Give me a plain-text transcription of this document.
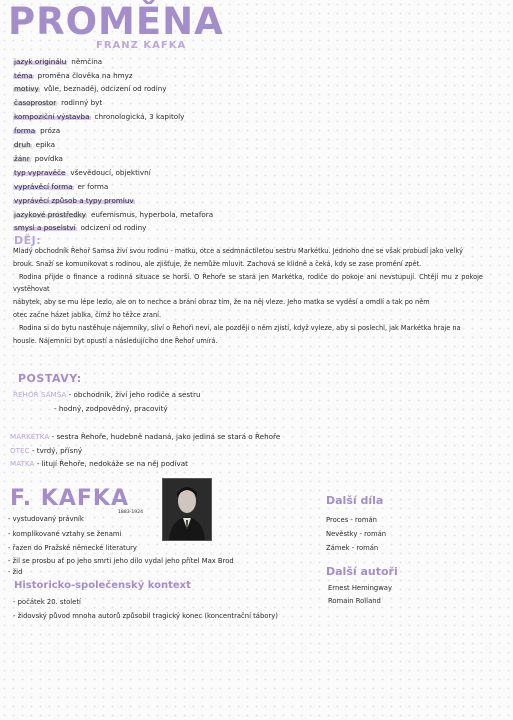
PROMĚNA
FRANZ KAFKA
jazyk originálu němčina
téma proměna člověka na hmyz
motivy vůle, beznaděj, odcizení od rodiny
časoprostor rodinný byt
kompoziční výstavba chronologická, 3 kapitoly
forma próza
druh epika
žánr povídka
typ vypravěče vševědoucí, objektivní
vyprávěcí forma er forma
vyprávěcí způsob a typy promluv
jazykové prostředky eufemismus, hyperbola, metafora
smysl a poselství odcizení od rodiny
DĚJ:
Mladý obchodník Řehoř Samsa živí svou rodinu - matku, otce a sedmnáctiletou sestru Markétku. Jednoho dne se však probudí jako velký
brouk. Snaží se komunikovat s rodinou, ale zjišťuje, že nemůže mluvit. Zachová se klidně a čeká, kdy se zase promění zpět.
Rodina přijde o finance a rodinná situace se horší. O Řehoře se stará jen Markétka, rodiče do pokoje ani nevstupují. Chtějí mu z pokoje vystěhovat
nábytek, aby se mu lépe lezlo, ale on to nechce a brání obraz tím, že na něj vleze. Jeho matka se vyděsí a omdlí a tak po něm
otec začne házet jablka, čímž ho těžce zraní.
Rodina si do bytu nastěhuje nájemníky, slíví o Řehoři neví, ale později o něm zjistí, když vyleze, aby si poslechl, jak Markétka hraje na
housle. Nájemníci byt opustí a následujícího dne Řehoř umírá.
POSTAVY:
ŘEHOŘ SAMSA - obchodník, živí jeho rodiče a sestru
- hodný, zodpovědný, pracovitý
MARKÉTKA - sestra Řehoře, hudebně nadaná, jako jediná se stará o Řehoře
OTEC - tvrdý, přísný
MATKA - litují Řehoře, nedokáže se na něj podívat
F. KAFKA
1883-1924
- vystudovaný právník
- komplikované vztahy se ženami
- řazen do Pražské německé literatury
- žil se prosbu ať po jeho smrti jeho dílo vydal jeho přítel Max Brod
- žid
Historicko-společenský kontext
- počátek 20. století
- židovský původ mnoha autorů způsobil tragický konec (koncentrační tábory)
Další díla
Proces - román
Nevěstky - román
Zámek - román
Další autoři
Ernest Hemingway
Romain Rolland
